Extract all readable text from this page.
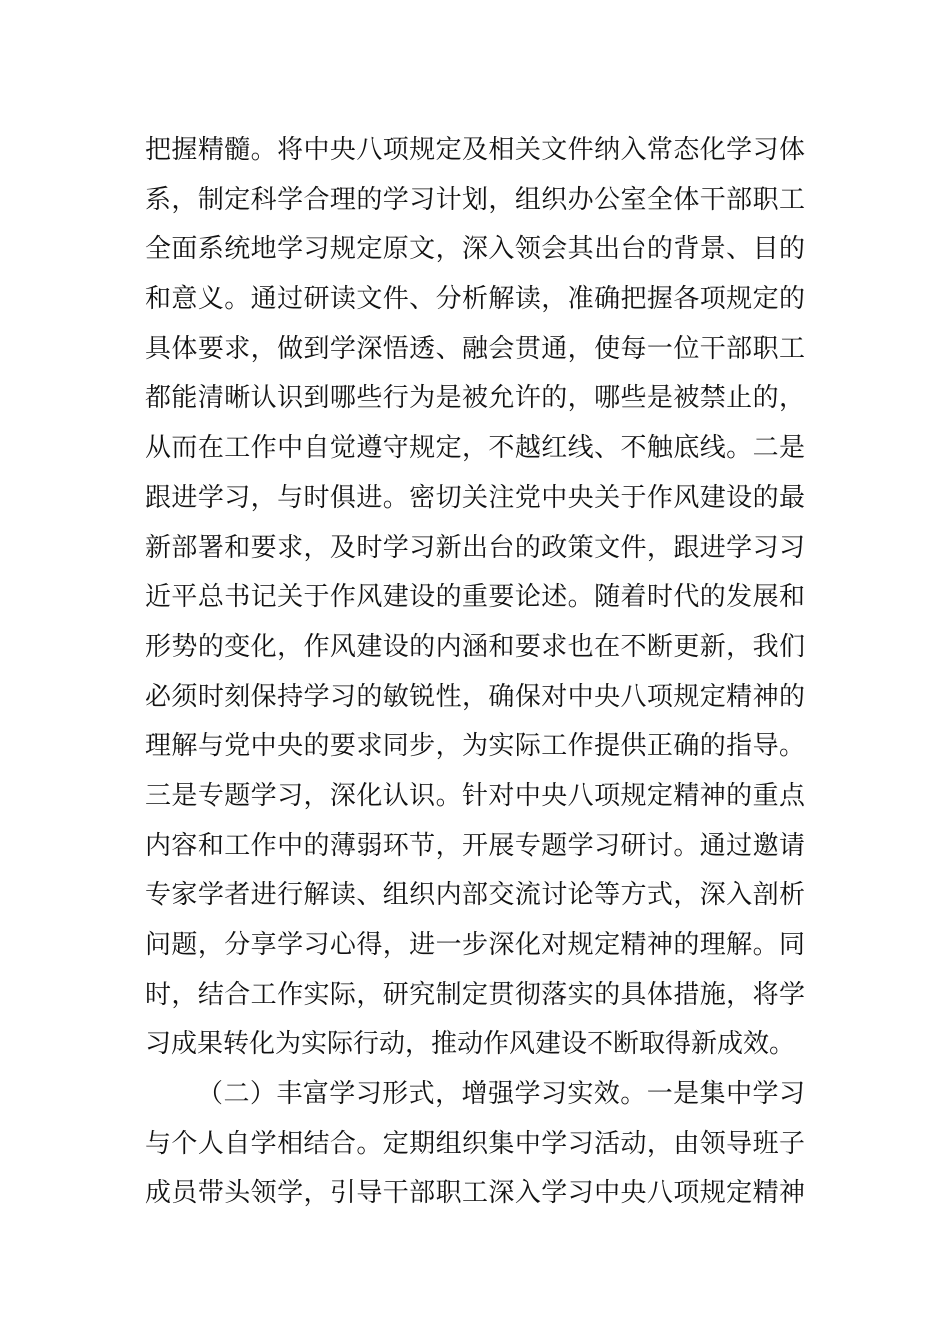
把握精髓。将中央八项规定及相关文件纳入常态化学习体
系，制定科学合理的学习计划，组织办公室全体干部职工
全面系统地学习规定原文，深入领会其出台的背景、目的
和意义。通过研读文件、分析解读，准确把握各项规定的
具体要求，做到学深悟透、融会贯通，使每一位干部职工
都能清晰认识到哪些行为是被允许的，哪些是被禁止的，
从而在工作中自觉遵守规定，不越红线、不触底线。二是
跟进学习，与时俱进。密切关注党中央关于作风建设的最
新部署和要求，及时学习新出台的政策文件，跟进学习习
近平总书记关于作风建设的重要论述。随着时代的发展和
形势的变化，作风建设的内涵和要求也在不断更新，我们
必须时刻保持学习的敏锐性，确保对中央八项规定精神的
理解与党中央的要求同步，为实际工作提供正确的指导。
三是专题学习，深化认识。针对中央八项规定精神的重点
内容和工作中的薄弱环节，开展专题学习研讨。通过邀请
专家学者进行解读、组织内部交流讨论等方式，深入剖析
问题，分享学习心得，进一步深化对规定精神的理解。同
时，结合工作实际，研究制定贯彻落实的具体措施，将学
习成果转化为实际行动，推动作风建设不断取得新成效。
（二）丰富学习形式，增强学习实效。一是集中学习
与个人自学相结合。定期组织集中学习活动，由领导班子
成员带头领学，引导干部职工深入学习中央八项规定精神
